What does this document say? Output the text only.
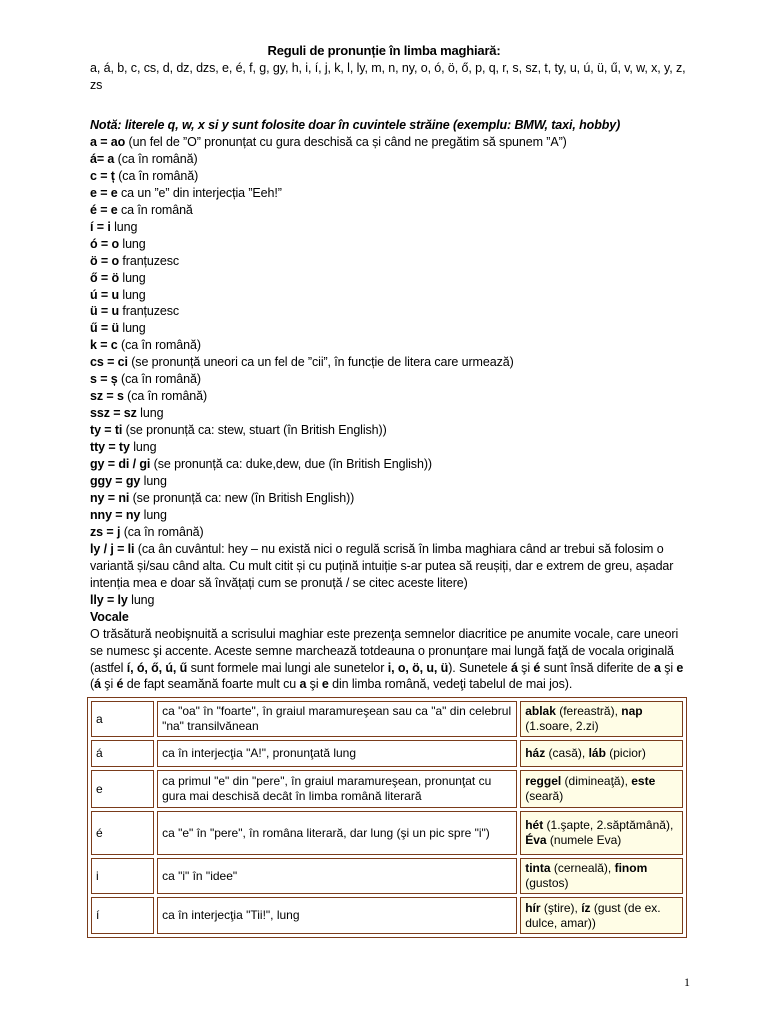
Reguli de pronunție în limba maghiară:
a, á, b, c, cs, d, dz, dzs, e, é, f, g, gy, h, i, í, j, k, l, ly, m, n, ny, o, ó, ö, ő, p, q, r, s, sz, t, ty, u, ú, ü, ű, v, w, x, y, z, zs
Notă: literele q, w, x si y sunt folosite doar în cuvintele străine (exemplu: BMW, taxi, hobby)
a = ao (un fel de ”O” pronunțat cu gura deschisă ca și când ne pregătim să spunem ”A”)
á= a (ca în română)
c = ț (ca în română)
e = e ca un ”e” din interjecția ”Eeh!”
é = e ca în română
í = i lung
ó = o lung
ö = o franțuzesc
ő = ö lung
ú = u lung
ü = u franțuzesc
ű = ü lung
k = c (ca în română)
cs = ci (se pronunță uneori ca un fel de ”cii”, în funcție de litera care urmează)
s = ș (ca în română)
sz = s (ca în română)
ssz = sz lung
ty = ti (se pronunță ca: stew, stuart (în British English))
tty = ty lung
gy = di / gi (se pronunță ca: duke,dew, due (în British English))
ggy = gy lung
ny = ni (se pronunță ca: new (în British English))
nny = ny lung
zs = j (ca în română)
ly / j = li (ca ân cuvântul: hey – nu există nici o regulă scrisă în limba maghiara când ar trebui să folosim o variantă și/sau când alta. Cu mult citit și cu puțină intuiție s-ar putea să reușiți, dar e extrem de greu, așadar intenția mea e doar să învățați cum se pronuță / se citec aceste litere)
lly = ly lung
Vocale
O trăsătură neobişnuită a scrisului maghiar este prezenţa semnelor diacritice pe anumite vocale, care uneori se numesc şi accente. Aceste semne marchează totdeauna o pronunţare mai lungă faţă de vocala originală (astfel í, ó, ő, ú, ű sunt formele mai lungi ale sunetelor i, o, ö, u, ü). Sunetele á şi é sunt însă diferite de a şi e (á şi é de fapt seamănă foarte mult cu a şi e din limba română, vedeţi tabelul de mai jos).
a	ca "oa" în "foarte", în graiul maramureşean sau ca "a" din celebrul "na" transilvănean	ablak (fereastră), nap (1.soare, 2.zi)
á	ca în interjecţia "A!", pronunţată lung	ház (casă), láb (picior)
e	ca primul "e" din "pere", în graiul maramureşean, pronunţat cu gura mai deschisă decât în limba română literară	reggel (dimineaţă), este (seară)
é	ca "e" în "pere", în româna literară, dar lung (şi un pic spre "i")	hét (1.şapte, 2.săptămână), Éva (numele Eva)
i	ca "i" în "idee"	tinta (cerneală), finom (gustos)
í	ca în interjecţia "Tii!", lung	hír (ştire), íz (gust (de ex. dulce, amar))
1
